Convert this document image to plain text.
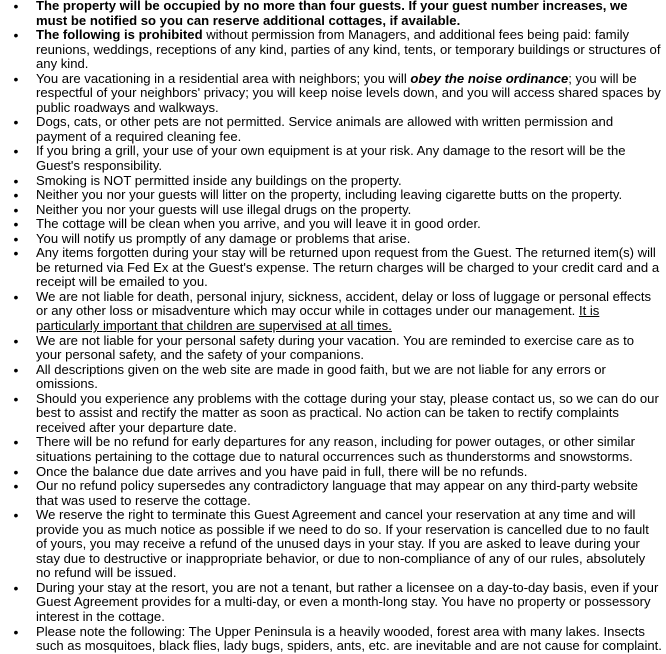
• The property will be occupied by no more than four guests. If your guest number increases, we must be notified so you can reserve additional cottages, if available.
• The following is prohibited without permission from Managers, and additional fees being paid: family reunions, weddings, receptions of any kind, parties of any kind, tents, or temporary buildings or structures of any kind.
• You are vacationing in a residential area with neighbors; you will obey the noise ordinance; you will be respectful of your neighbors' privacy; you will keep noise levels down, and you will access shared spaces by public roadways and walkways.
• Dogs, cats, or other pets are not permitted. Service animals are allowed with written permission and payment of a required cleaning fee.
• If you bring a grill, your use of your own equipment is at your risk. Any damage to the resort will be the Guest's responsibility.
• Smoking is NOT permitted inside any buildings on the property.
• Neither you nor your guests will litter on the property, including leaving cigarette butts on the property.
• Neither you nor your guests will use illegal drugs on the property.
• The cottage will be clean when you arrive, and you will leave it in good order.
• You will notify us promptly of any damage or problems that arise.
• Any items forgotten during your stay will be returned upon request from the Guest. The returned item(s) will be returned via Fed Ex at the Guest's expense. The return charges will be charged to your credit card and a receipt will be emailed to you.
• We are not liable for death, personal injury, sickness, accident, delay or loss of luggage or personal effects or any other loss or misadventure which may occur while in cottages under our management. It is particularly important that children are supervised at all times.
• We are not liable for your personal safety during your vacation. You are reminded to exercise care as to your personal safety, and the safety of your companions.
• All descriptions given on the web site are made in good faith, but we are not liable for any errors or omissions.
• Should you experience any problems with the cottage during your stay, please contact us, so we can do our best to assist and rectify the matter as soon as practical. No action can be taken to rectify complaints received after your departure date.
• There will be no refund for early departures for any reason, including for power outages, or other similar situations pertaining to the cottage due to natural occurrences such as thunderstorms and snowstorms.
• Once the balance due date arrives and you have paid in full, there will be no refunds.
• Our no refund policy supersedes any contradictory language that may appear on any third-party website that was used to reserve the cottage.
• We reserve the right to terminate this Guest Agreement and cancel your reservation at any time and will provide you as much notice as possible if we need to do so. If your reservation is cancelled due to no fault of yours, you may receive a refund of the unused days in your stay. If you are asked to leave during your stay due to destructive or inappropriate behavior, or due to non-compliance of any of our rules, absolutely no refund will be issued.
• During your stay at the resort, you are not a tenant, but rather a licensee on a day-to-day basis, even if your Guest Agreement provides for a multi-day, or even a month-long stay. You have no property or possessory interest in the cottage.
• Please note the following: The Upper Peninsula is a heavily wooded, forest area with many lakes. Insects such as mosquitoes, black flies, lady bugs, spiders, ants, etc. are inevitable and are not cause for complaint.
